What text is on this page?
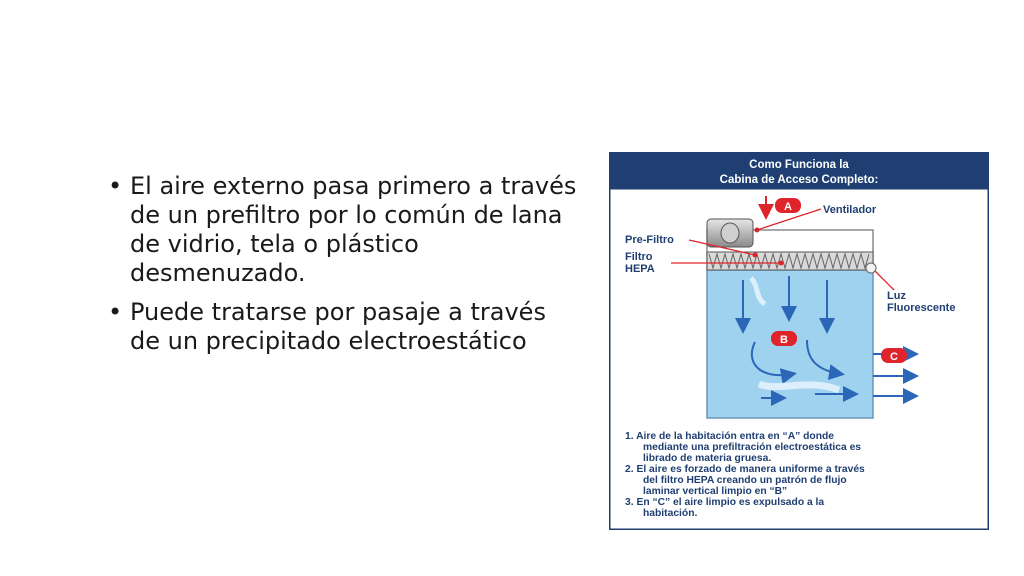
• El aire externo pasa primero a través de un prefiltro por lo común de lana de vidrio, tela o plástico desmenuzado.
• Puede tratarse por pasaje a través de un precipitado electroestático
Como Funciona la
Cabina de Acceso Completo:
A	Ventilador
Pre-Filtro
Filtro
HEPA
Luz
Fluorescente
B
C
1. Aire de la habitación entra en “A” donde
mediante una prefiltración electroestática es
librado de materia gruesa.
2. El aire es forzado de manera uniforme a través
del filtro HEPA creando un patrón de flujo
laminar vertical limpio en “B”
3. En “C” el aire limpio es expulsado a la
habitación.
